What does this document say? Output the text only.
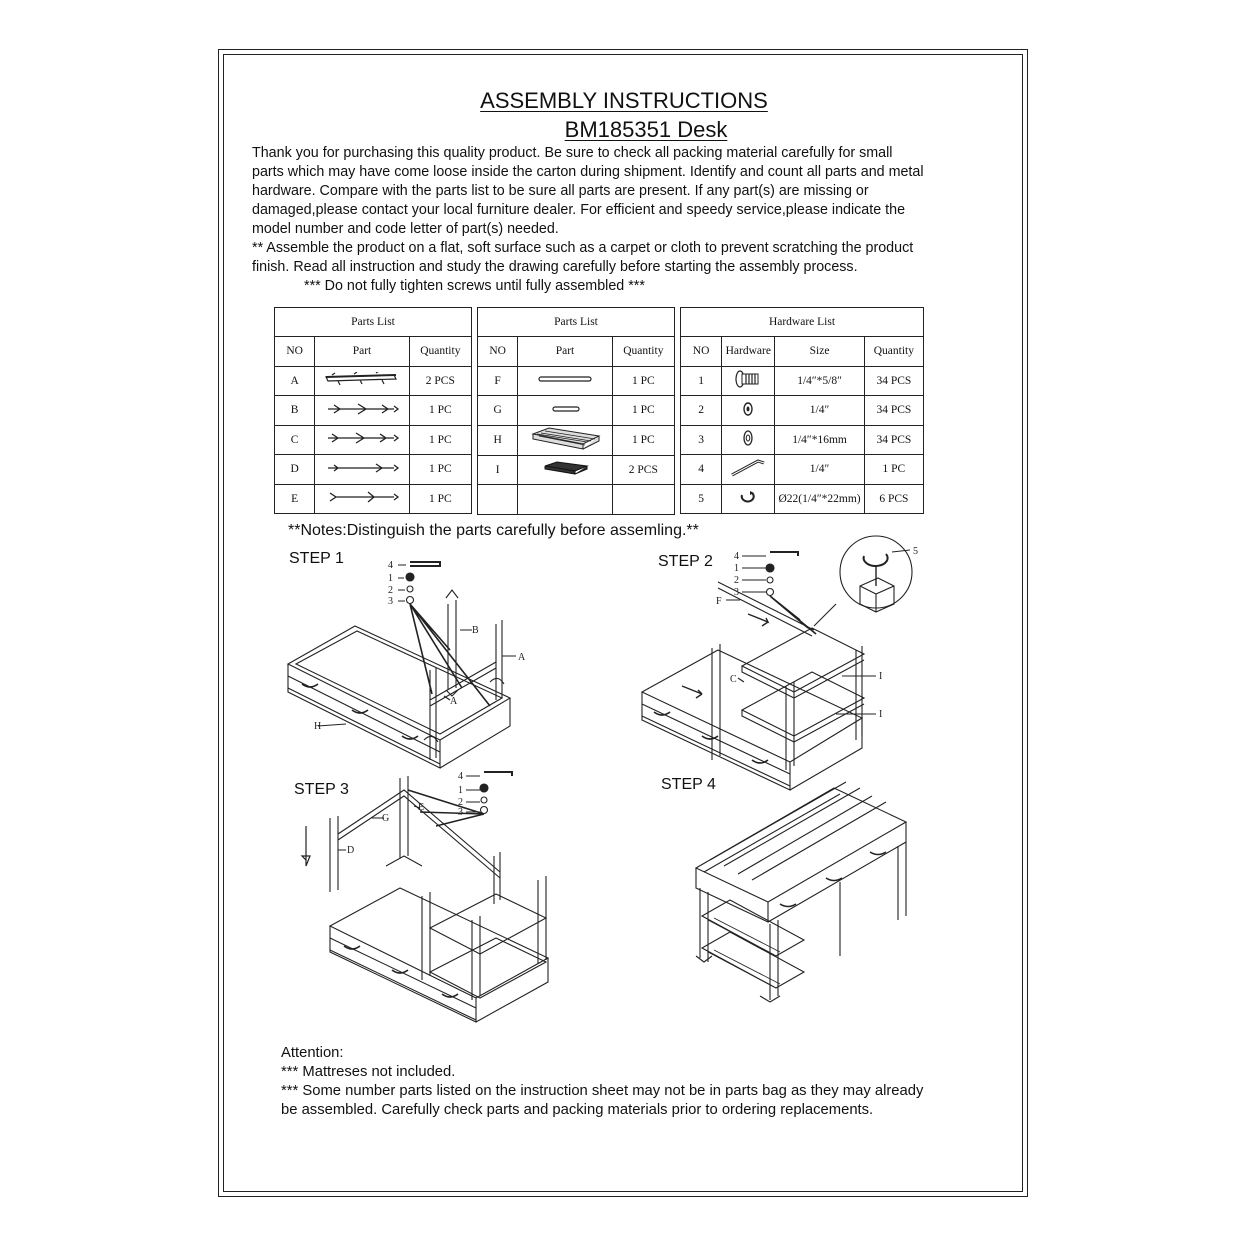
ASSEMBLY INSTRUCTIONS
BM185351 Desk

Thank you for purchasing this quality product. Be sure to check all packing material carefully for small

parts which may have come loose inside the carton during shipment. Identify and count all parts and metal

hardware. Compare with the parts list to be sure all parts are present. If any part(s) are missing or

damaged,please contact your local furniture dealer. For efficient and speedy service,please indicate the

model number and code letter of part(s) needed.

** Assemble the product on a flat, soft surface such as a carpet or cloth to prevent scratching the product

finish. Read all instruction and study the drawing carefully before starting the assembly process.

*** Do not fully tighten screws until fully assembled ***

Parts List		
NO	Part	Quantity
A		2 PCS
B		1 PC
C		1 PC
D		1 PC
E		1 PC
Parts List		
NO	Part	Quantity
F		1 PC
G		1 PC
H		1 PC
I		2 PCS

Hardware List			
NO	Hardware	Size	Quantity
1		1/4″*5/8″	34 PCS
2		1/4″	34 PCS
3		1/4″*16mm	34 PCS
4		1/4″	1 PC
5		Ø22(1/4″*22mm)	6 PCS
**Notes:Distinguish the parts carefully before assemling.**
STEP 1	STEP 2
STEP 3	STEP 4
4
1
2
3
B
A
A
H
4
1
2
3
F
C	I
I
5
4
1
2
3
E
G
D

Attention:

*** Mattreses not included.

*** Some number parts listed on the instruction sheet may not be in parts bag as they may already

be assembled. Carefully check parts and packing materials prior to ordering replacements.
